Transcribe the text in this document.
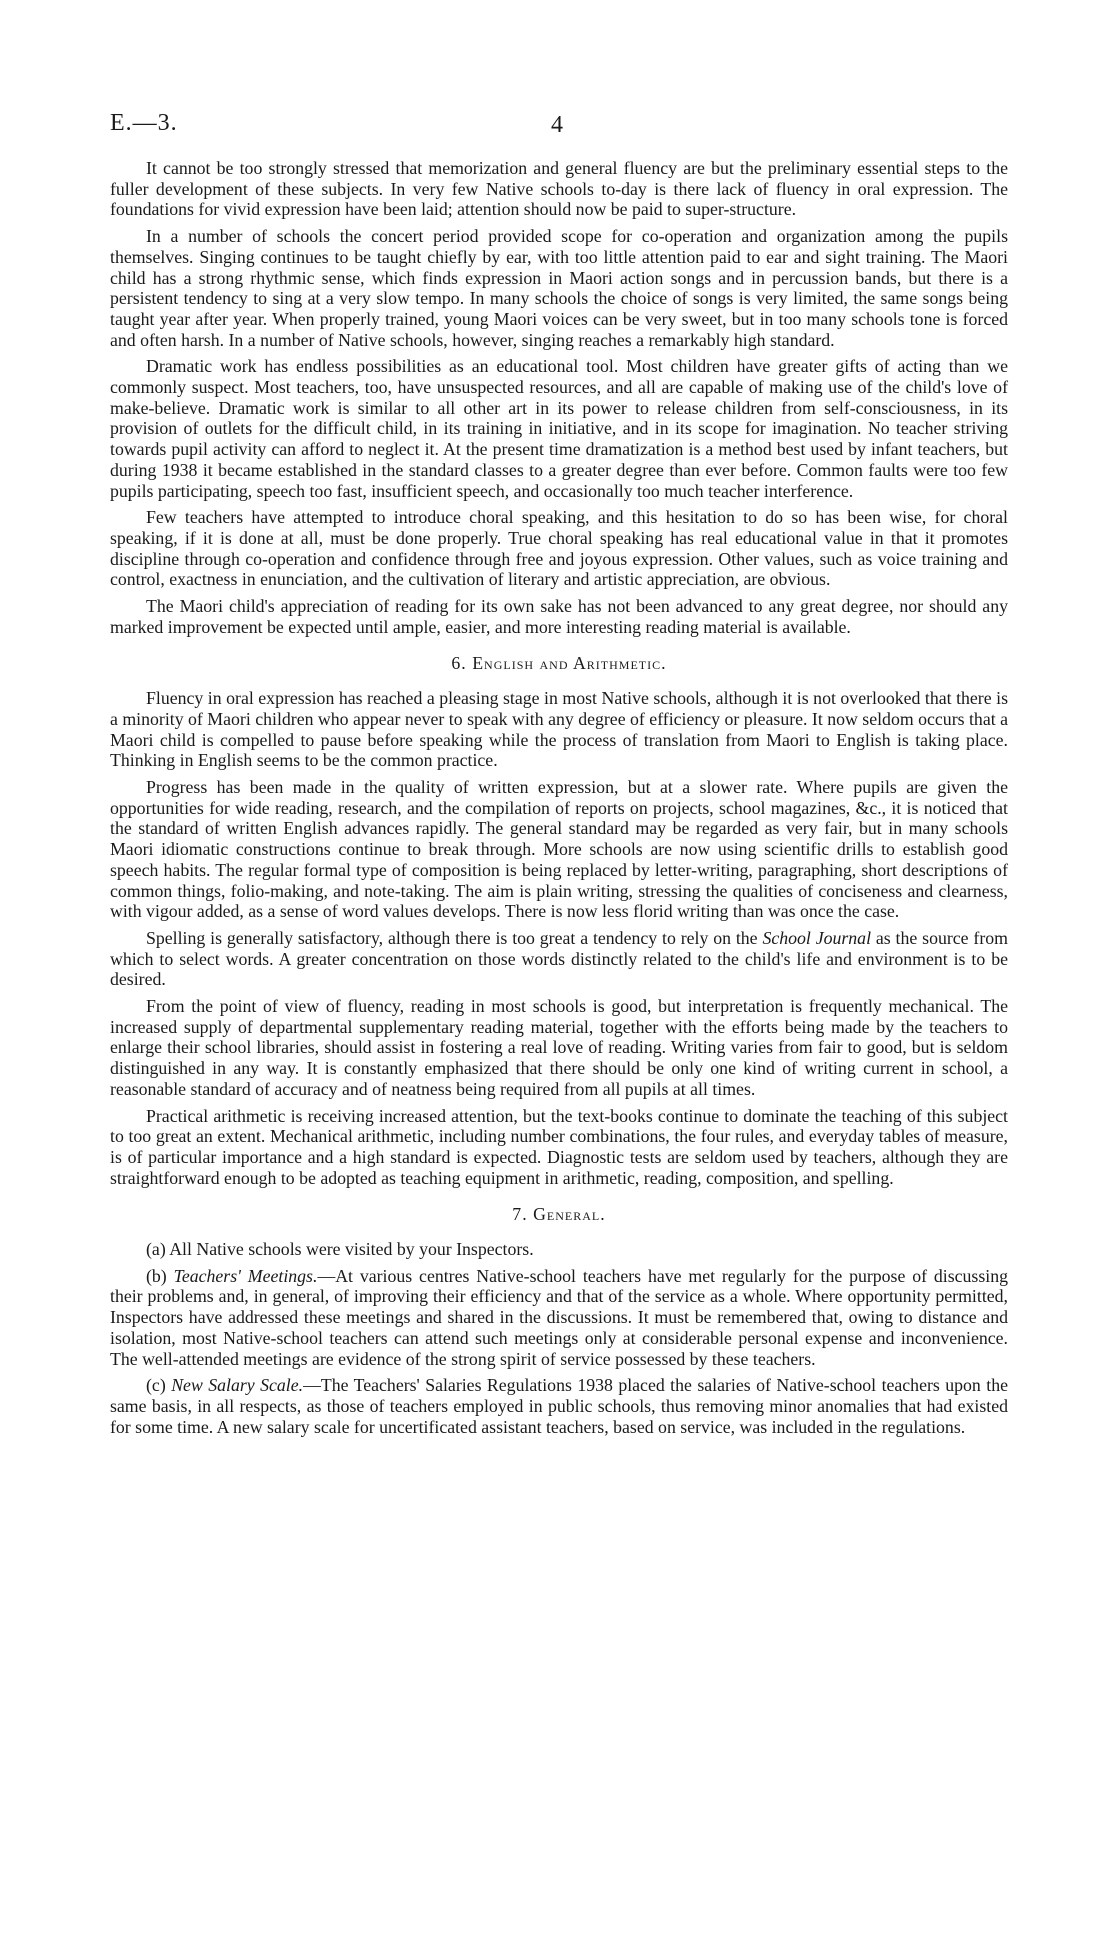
E.—3.	4

It cannot be too strongly stressed that memorization and general fluency are but the preliminary essential steps to the fuller development of these subjects. In very few Native schools to-day is there lack of fluency in oral expression. The foundations for vivid expression have been laid; attention should now be paid to super-structure.

In a number of schools the concert period provided scope for co-operation and organization among the pupils themselves. Singing continues to be taught chiefly by ear, with too little attention paid to ear and sight training. The Maori child has a strong rhythmic sense, which finds expression in Maori action songs and in percussion bands, but there is a persistent tendency to sing at a very slow tempo. In many schools the choice of songs is very limited, the same songs being taught year after year. When properly trained, young Maori voices can be very sweet, but in too many schools tone is forced and often harsh. In a number of Native schools, however, singing reaches a remarkably high standard.

Dramatic work has endless possibilities as an educational tool. Most children have greater gifts of acting than we commonly suspect. Most teachers, too, have unsuspected resources, and all are capable of making use of the child's love of make-believe. Dramatic work is similar to all other art in its power to release children from self-consciousness, in its provision of outlets for the difficult child, in its training in initiative, and in its scope for imagination. No teacher striving towards pupil activity can afford to neglect it. At the present time dramatization is a method best used by infant teachers, but during 1938 it became established in the standard classes to a greater degree than ever before. Common faults were too few pupils participating, speech too fast, insufficient speech, and occasionally too much teacher interference.

Few teachers have attempted to introduce choral speaking, and this hesitation to do so has been wise, for choral speaking, if it is done at all, must be done properly. True choral speaking has real educational value in that it promotes discipline through co-operation and confidence through free and joyous expression. Other values, such as voice training and control, exactness in enunciation, and the cultivation of literary and artistic appreciation, are obvious.

The Maori child's appreciation of reading for its own sake has not been advanced to any great degree, nor should any marked improvement be expected until ample, easier, and more interesting reading material is available.

6. English and Arithmetic.

Fluency in oral expression has reached a pleasing stage in most Native schools, although it is not overlooked that there is a minority of Maori children who appear never to speak with any degree of efficiency or pleasure. It now seldom occurs that a Maori child is compelled to pause before speaking while the process of translation from Maori to English is taking place. Thinking in English seems to be the common practice.

Progress has been made in the quality of written expression, but at a slower rate. Where pupils are given the opportunities for wide reading, research, and the compilation of reports on projects, school magazines, &c., it is noticed that the standard of written English advances rapidly. The general standard may be regarded as very fair, but in many schools Maori idiomatic constructions continue to break through. More schools are now using scientific drills to establish good speech habits. The regular formal type of composition is being replaced by letter-writing, paragraphing, short descriptions of common things, folio-making, and note-taking. The aim is plain writing, stressing the qualities of conciseness and clearness, with vigour added, as a sense of word values develops. There is now less florid writing than was once the case.

Spelling is generally satisfactory, although there is too great a tendency to rely on the School Journal as the source from which to select words. A greater concentration on those words distinctly related to the child's life and environment is to be desired.

From the point of view of fluency, reading in most schools is good, but interpretation is frequently mechanical. The increased supply of departmental supplementary reading material, together with the efforts being made by the teachers to enlarge their school libraries, should assist in fostering a real love of reading. Writing varies from fair to good, but is seldom distinguished in any way. It is constantly emphasized that there should be only one kind of writing current in school, a reasonable standard of accuracy and of neatness being required from all pupils at all times.

Practical arithmetic is receiving increased attention, but the text-books continue to dominate the teaching of this subject to too great an extent. Mechanical arithmetic, including number combinations, the four rules, and everyday tables of measure, is of particular importance and a high standard is expected. Diagnostic tests are seldom used by teachers, although they are straightforward enough to be adopted as teaching equipment in arithmetic, reading, composition, and spelling.

7. General.

(a) All Native schools were visited by your Inspectors.

(b) Teachers' Meetings.—At various centres Native-school teachers have met regularly for the purpose of discussing their problems and, in general, of improving their efficiency and that of the service as a whole. Where opportunity permitted, Inspectors have addressed these meetings and shared in the discussions. It must be remembered that, owing to distance and isolation, most Native-school teachers can attend such meetings only at considerable personal expense and inconvenience. The well-attended meetings are evidence of the strong spirit of service possessed by these teachers.

(c) New Salary Scale.—The Teachers' Salaries Regulations 1938 placed the salaries of Native-school teachers upon the same basis, in all respects, as those of teachers employed in public schools, thus removing minor anomalies that had existed for some time. A new salary scale for uncertificated assistant teachers, based on service, was included in the regulations.
